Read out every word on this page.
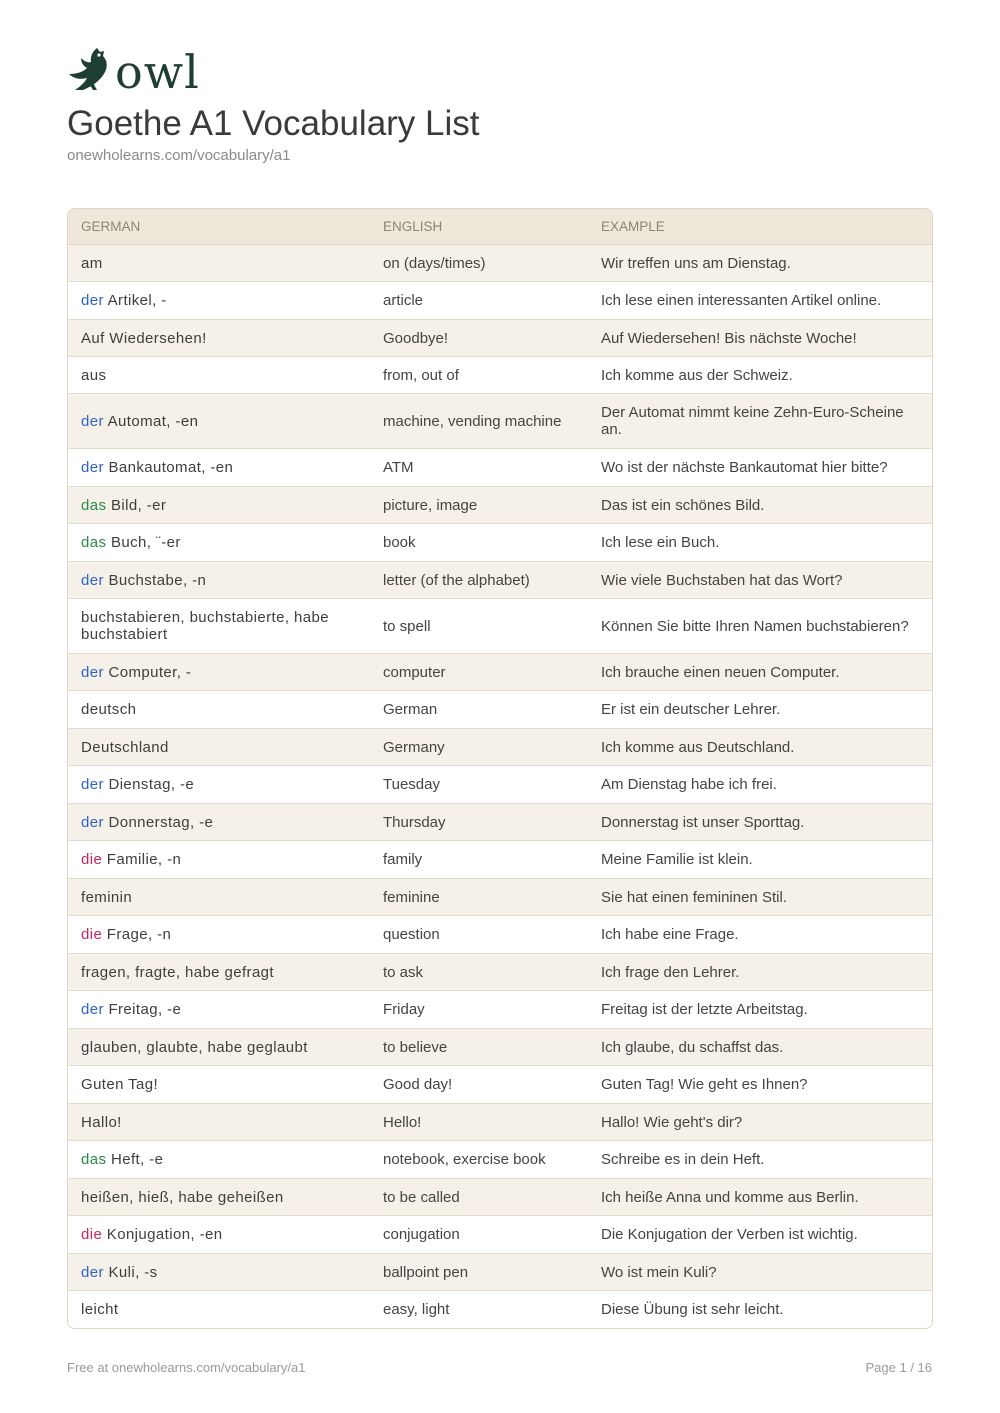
owl
Goethe A1 Vocabulary List
onewholearns.com/vocabulary/a1
GERMAN	ENGLISH	EXAMPLE
am	on (days/times)	Wir treffen uns am Dienstag.
der Artikel, -	article	Ich lese einen interessanten Artikel online.
Auf Wiedersehen!	Goodbye!	Auf Wiedersehen! Bis nächste Woche!
aus	from, out of	Ich komme aus der Schweiz.
der Automat, -en	machine, vending machine	Der Automat nimmt keine Zehn-Euro-Scheine an.
der Bankautomat, -en	ATM	Wo ist der nächste Bankautomat hier bitte?
das Bild, -er	picture, image	Das ist ein schönes Bild.
das Buch, ¨-er	book	Ich lese ein Buch.
der Buchstabe, -n	letter (of the alphabet)	Wie viele Buchstaben hat das Wort?
buchstabieren, buchstabierte, habe buchstabiert	to spell	Können Sie bitte Ihren Namen buchstabieren?
der Computer, -	computer	Ich brauche einen neuen Computer.
deutsch	German	Er ist ein deutscher Lehrer.
Deutschland	Germany	Ich komme aus Deutschland.
der Dienstag, -e	Tuesday	Am Dienstag habe ich frei.
der Donnerstag, -e	Thursday	Donnerstag ist unser Sporttag.
die Familie, -n	family	Meine Familie ist klein.
feminin	feminine	Sie hat einen femininen Stil.
die Frage, -n	question	Ich habe eine Frage.
fragen, fragte, habe gefragt	to ask	Ich frage den Lehrer.
der Freitag, -e	Friday	Freitag ist der letzte Arbeitstag.
glauben, glaubte, habe geglaubt	to believe	Ich glaube, du schaffst das.
Guten Tag!	Good day!	Guten Tag! Wie geht es Ihnen?
Hallo!	Hello!	Hallo! Wie geht's dir?
das Heft, -e	notebook, exercise book	Schreibe es in dein Heft.
heißen, hieß, habe geheißen	to be called	Ich heiße Anna und komme aus Berlin.
die Konjugation, -en	conjugation	Die Konjugation der Verben ist wichtig.
der Kuli, -s	ballpoint pen	Wo ist mein Kuli?
leicht	easy, light	Diese Übung ist sehr leicht.
Free at onewholearns.com/vocabulary/a1	Page 1 / 16
